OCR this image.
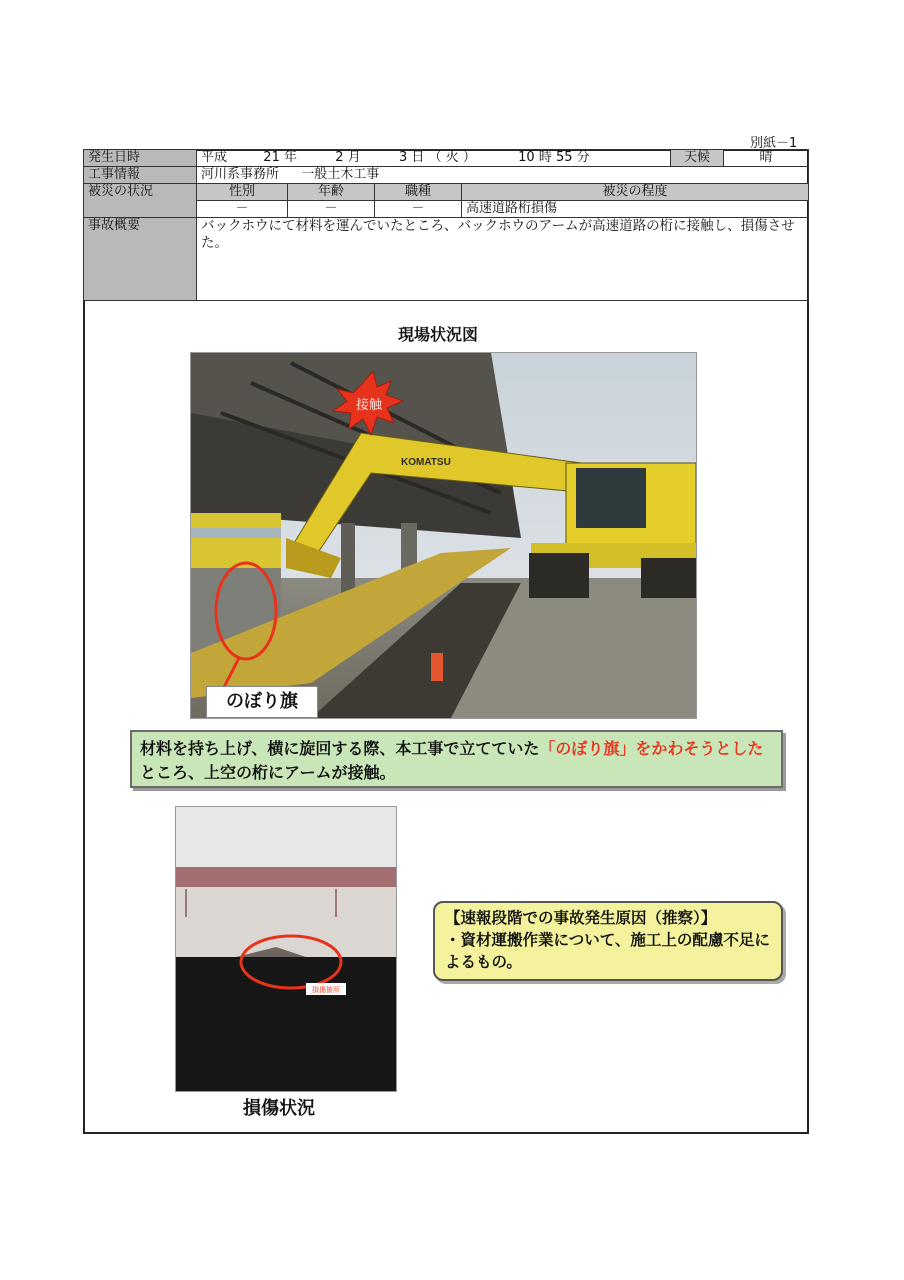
別紙－1
発生日時	平成 21 年 2 月 3 日 （ 火 ） 10 時 55 分				天候	晴
工事情報	河川系事務所 一般土木工事					
被災の状況	性別	年齢	職種	被災の程度		
	－	－	－	高速道路桁損傷		
事故概要	バックホウにて材料を運んでいたところ、バックホウのアームが高速道路の桁に接触し、損傷させた。					
現場状況図
KOMATSU
接触
のぼり旗
材料を持ち上げ、横に旋回する際、本工事で立てていた「のぼり旗」をかわそうとしたところ、上空の桁にアームが接触。
損傷箇所
損傷状況
【速報段階での事故発生原因（推察）】
・資材運搬作業について、施工上の配慮不足によるもの。
